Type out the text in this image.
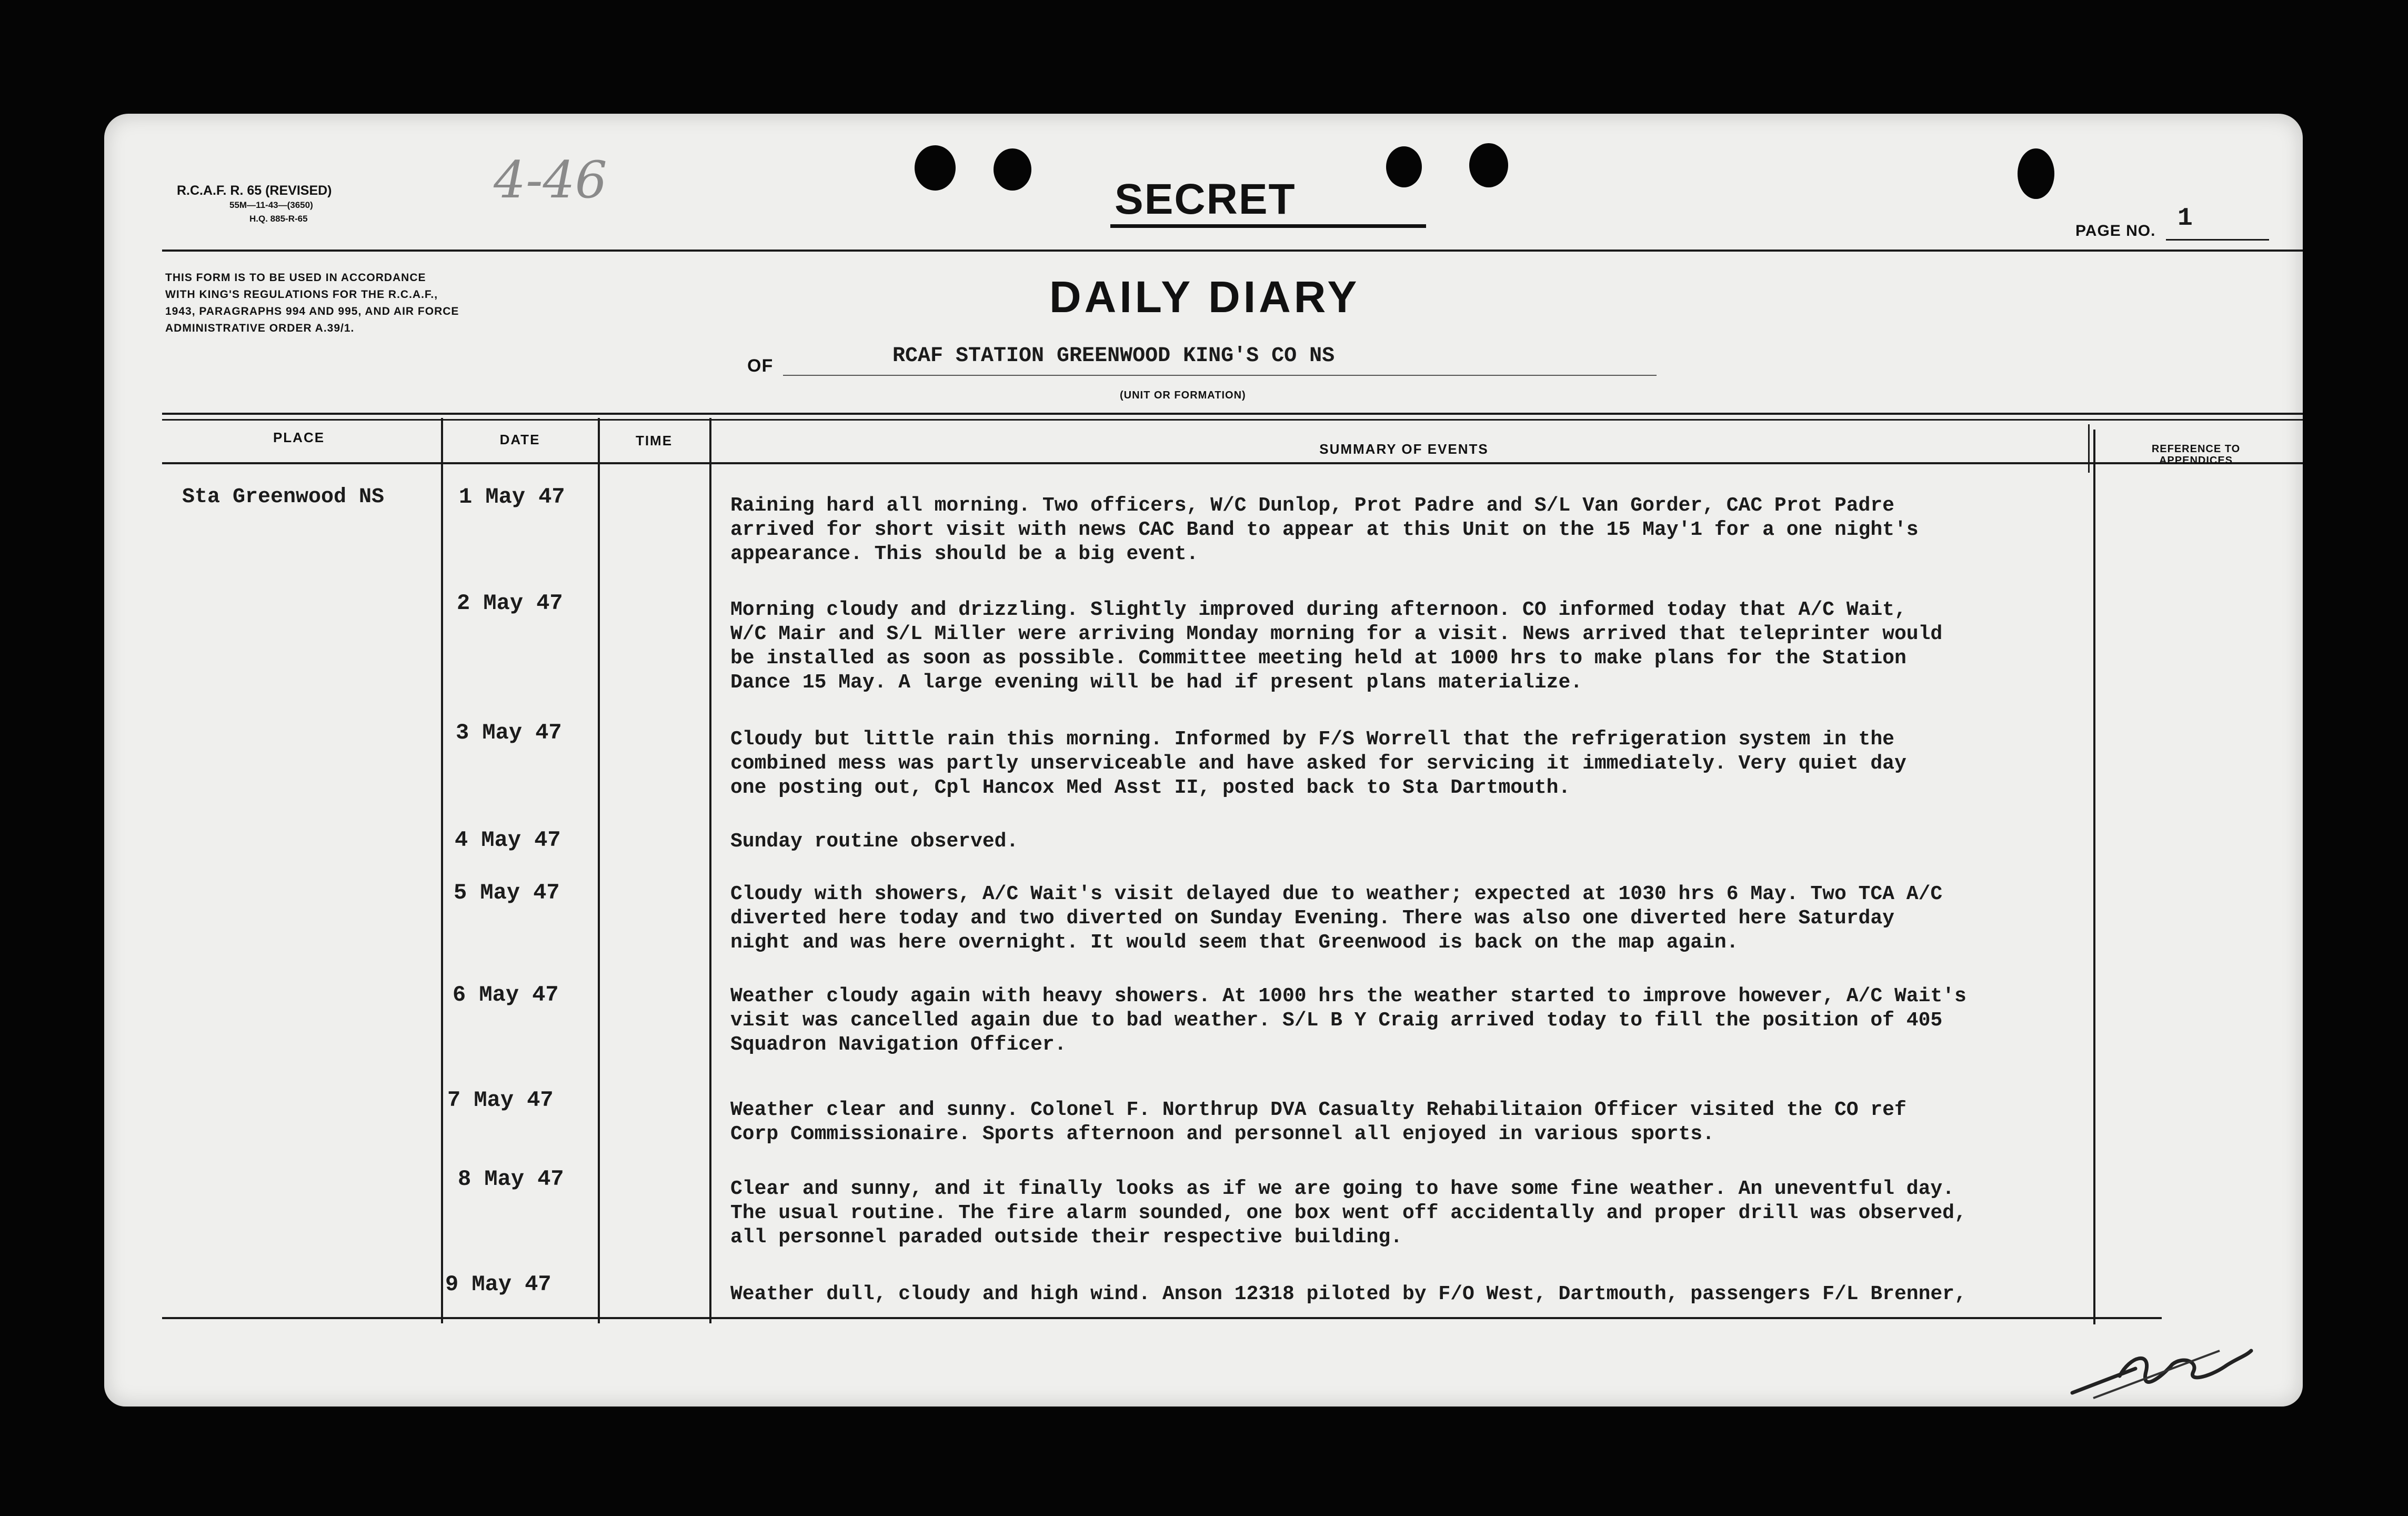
R.C.A.F. R. 65 (REVISED)
55M—11-43—(3650)
H.Q. 885-R-65
4-46	SECRET
PAGE NO. 1
THIS FORM IS TO BE USED IN ACCORDANCE
WITH KING'S REGULATIONS FOR THE R.C.A.F.,
1943, PARAGRAPHS 994 AND 995, AND AIR FORCE
ADMINISTRATIVE ORDER A.39/1.
DAILY DIARY
OF	RCAF STATION GREENWOOD KING'S CO NS
(UNIT OR FORMATION)
PLACE	DATE	TIME
SUMMARY OF EVENTS	REFERENCE TO
APPENDICES
Sta Greenwood NS	1 May 47	Raining hard all morning. Two officers, W/C Dunlop, Prot Padre and S/L Van Gorder, CAC Prot Padre
arrived for short visit with news CAC Band to appear at this Unit on the 15 May'1 for a one night's
appearance. This should be a big event.
2 May 47	Morning cloudy and drizzling. Slightly improved during afternoon. CO informed today that A/C Wait,
W/C Mair and S/L Miller were arriving Monday morning for a visit. News arrived that teleprinter would
be installed as soon as possible. Committee meeting held at 1000 hrs to make plans for the Station
Dance 15 May. A large evening will be had if present plans materialize.
3 May 47	Cloudy but little rain this morning. Informed by F/S Worrell that the refrigeration system in the
combined mess was partly unserviceable and have asked for servicing it immediately. Very quiet day
one posting out, Cpl Hancox Med Asst II, posted back to Sta Dartmouth.
4 May 47	Sunday routine observed.
5 May 47	Cloudy with showers, A/C Wait's visit delayed due to weather; expected at 1030 hrs 6 May. Two TCA A/C
diverted here today and two diverted on Sunday Evening. There was also one diverted here Saturday
night and was here overnight. It would seem that Greenwood is back on the map again.
6 May 47	Weather cloudy again with heavy showers. At 1000 hrs the weather started to improve however, A/C Wait's
visit was cancelled again due to bad weather. S/L B Y Craig arrived today to fill the position of 405
Squadron Navigation Officer.
7 May 47	Weather clear and sunny. Colonel F. Northrup DVA Casualty Rehabilitaion Officer visited the CO ref
Corp Commissionaire. Sports afternoon and personnel all enjoyed in various sports.
8 May 47	Clear and sunny, and it finally looks as if we are going to have some fine weather. An uneventful day.
The usual routine. The fire alarm sounded, one box went off accidentally and proper drill was observed,
all personnel paraded outside their respective building.
9 May 47	Weather dull, cloudy and high wind. Anson 12318 piloted by F/O West, Dartmouth, passengers F/L Brenner,
